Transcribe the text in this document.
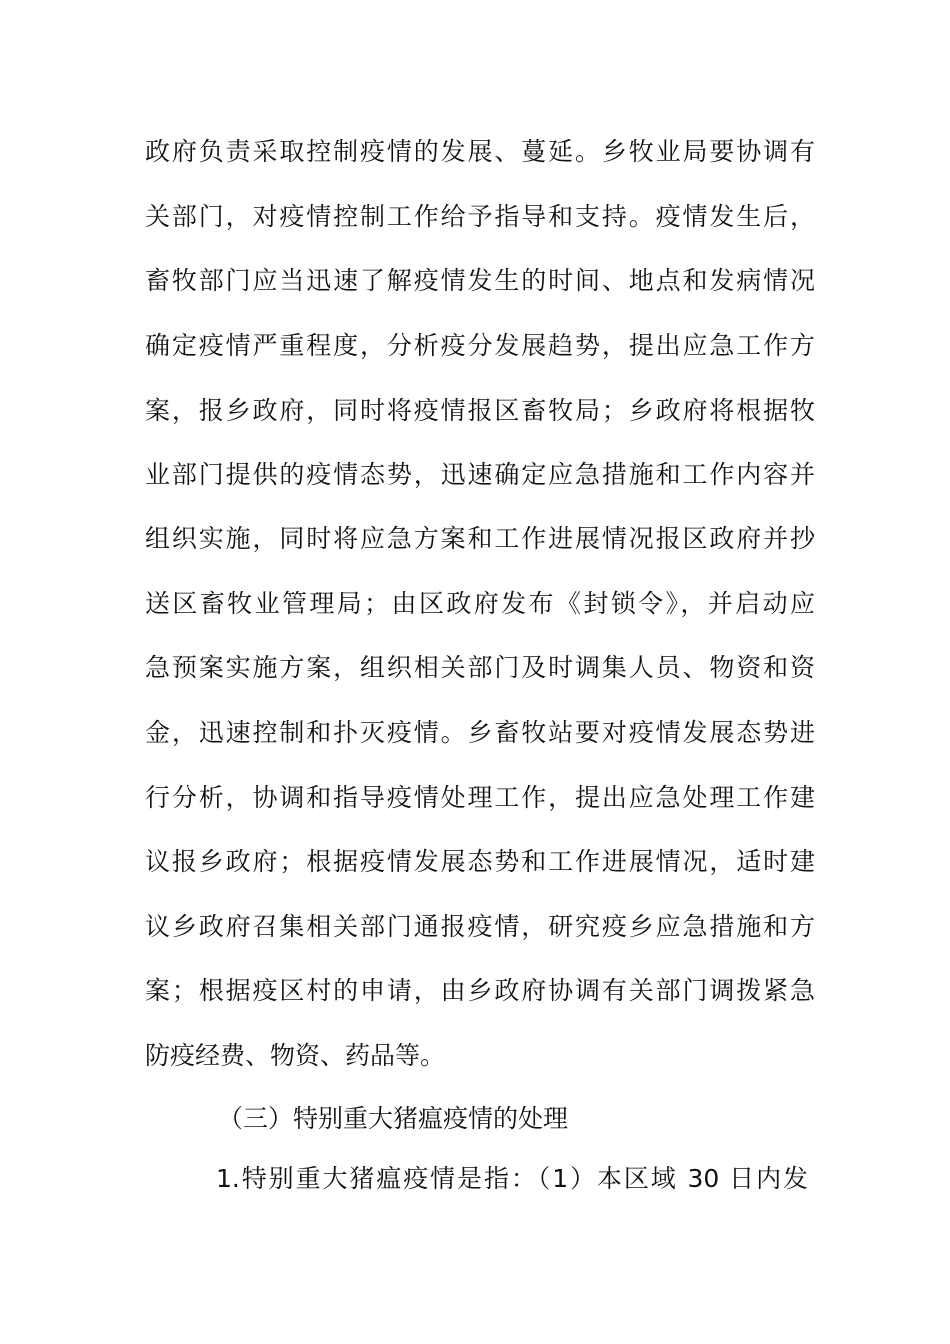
政府负责采取控制疫情的发展、蔓延。乡牧业局要协调有
关部门，对疫情控制工作给予指导和支持。疫情发生后，
畜牧部门应当迅速了解疫情发生的时间、地点和发病情况
确定疫情严重程度，分析疫分发展趋势，提出应急工作方
案，报乡政府，同时将疫情报区畜牧局；乡政府将根据牧
业部门提供的疫情态势，迅速确定应急措施和工作内容并
组织实施，同时将应急方案和工作进展情况报区政府并抄
送区畜牧业管理局；由区政府发布《封锁令》，并启动应
急预案实施方案，组织相关部门及时调集人员、物资和资
金，迅速控制和扑灭疫情。乡畜牧站要对疫情发展态势进
行分析，协调和指导疫情处理工作，提出应急处理工作建
议报乡政府；根据疫情发展态势和工作进展情况，适时建
议乡政府召集相关部门通报疫情，研究疫乡应急措施和方
案；根据疫区村的申请，由乡政府协调有关部门调拨紧急
防疫经费、物资、药品等。
（三）特别重大猪瘟疫情的处理
1.特别重大猪瘟疫情是指：（1）本区域 30 日内发
